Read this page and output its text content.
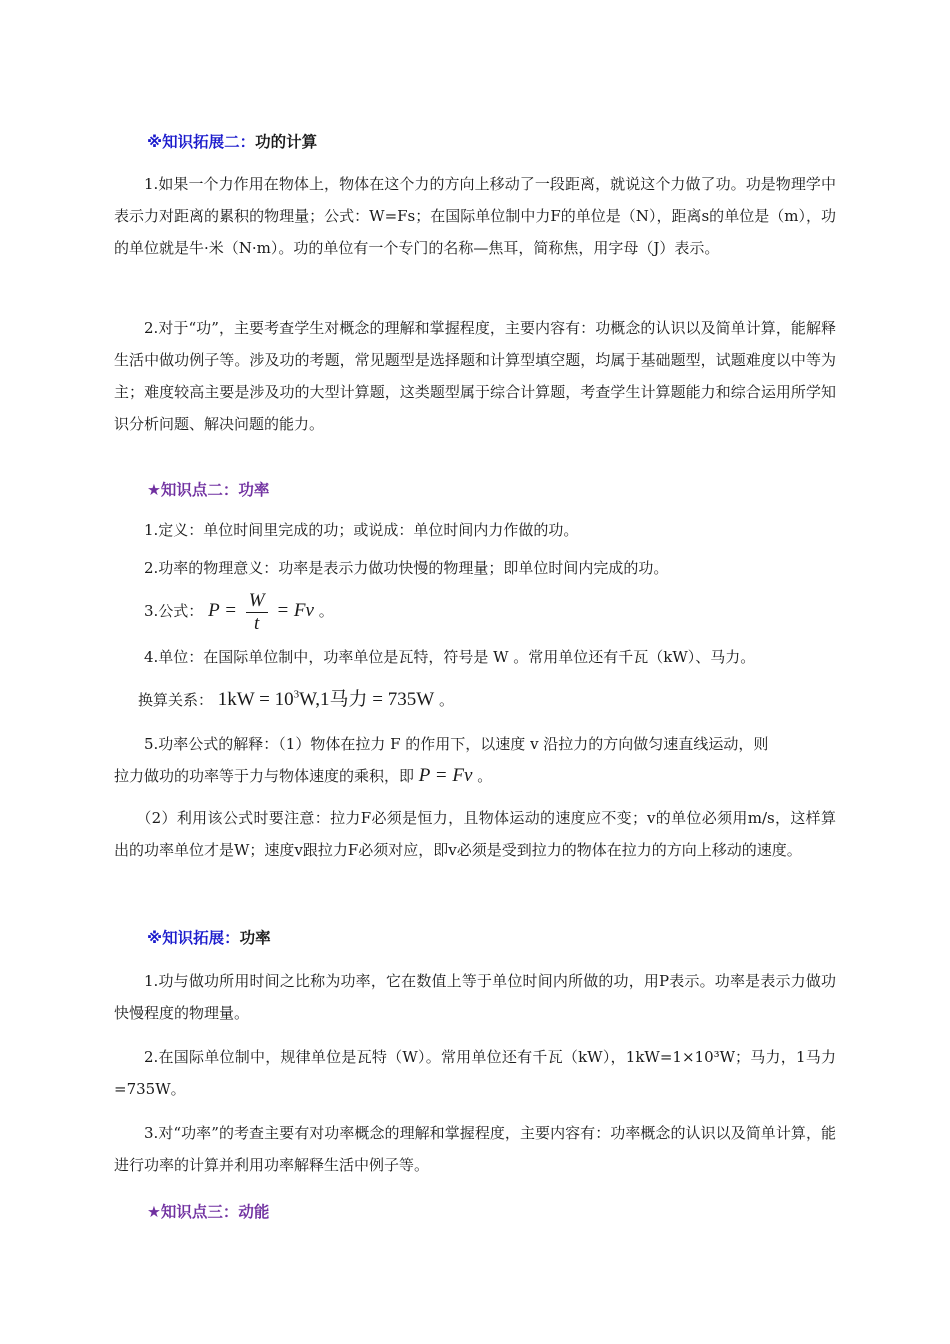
※知识拓展二：功的计算
1.如果一个力作用在物体上，物体在这个力的方向上移动了一段距离，就说这个力做了功。功是物理学中表示力对距离的累积的物理量；公式：W=Fs；在国际单位制中力F的单位是（N），距离s的单位是（m），功的单位就是牛·米（N·m）。功的单位有一个专门的名称—焦耳，简称焦，用字母（J）表示。
2.对于“功”，主要考查学生对概念的理解和掌握程度，主要内容有：功概念的认识以及简单计算，能解释生活中做功例子等。涉及功的考题，常见题型是选择题和计算型填空题，均属于基础题型，试题难度以中等为主；难度较高主要是涉及功的大型计算题，这类题型属于综合计算题，考查学生计算题能力和综合运用所学知识分析问题、解决问题的能力。
★知识点二：功率
1.定义：单位时间里完成的功；或说成：单位时间内力作做的功。
2.功率的物理意义：功率是表示力做功快慢的物理量；即单位时间内完成的功。
3.公式： $P = \frac{W}{t} = Fv$ 。
4.单位：在国际单位制中，功率单位是瓦特，符号是 W 。常用单位还有千瓦（kW）、马力。
换算关系： $1kW = 10^3W,1$马力 = 735W 。
5.功率公式的解释：（1）物体在拉力 F 的作用下，以速度 v 沿拉力的方向做匀速直线运动，则
拉力做功的功率等于力与物体速度的乘积，即 P = Fv 。
（2）利用该公式时要注意：拉力F必须是恒力，且物体运动的速度应不变；v的单位必须用m/s，这样算出的功率单位才是W；速度v跟拉力F必须对应，即v必须是受到拉力的物体在拉力的方向上移动的速度。
※知识拓展：功率
1.功与做功所用时间之比称为功率，它在数值上等于单位时间内所做的功，用P表示。功率是表示力做功快慢程度的物理量。
2.在国际单位制中，规律单位是瓦特（W）。常用单位还有千瓦（kW），1kW=1×10³W；马力，1马力=735W。
3.对“功率”的考查主要有对功率概念的理解和掌握程度，主要内容有：功率概念的认识以及简单计算，能进行功率的计算并利用功率解释生活中例子等。
★知识点三：动能
